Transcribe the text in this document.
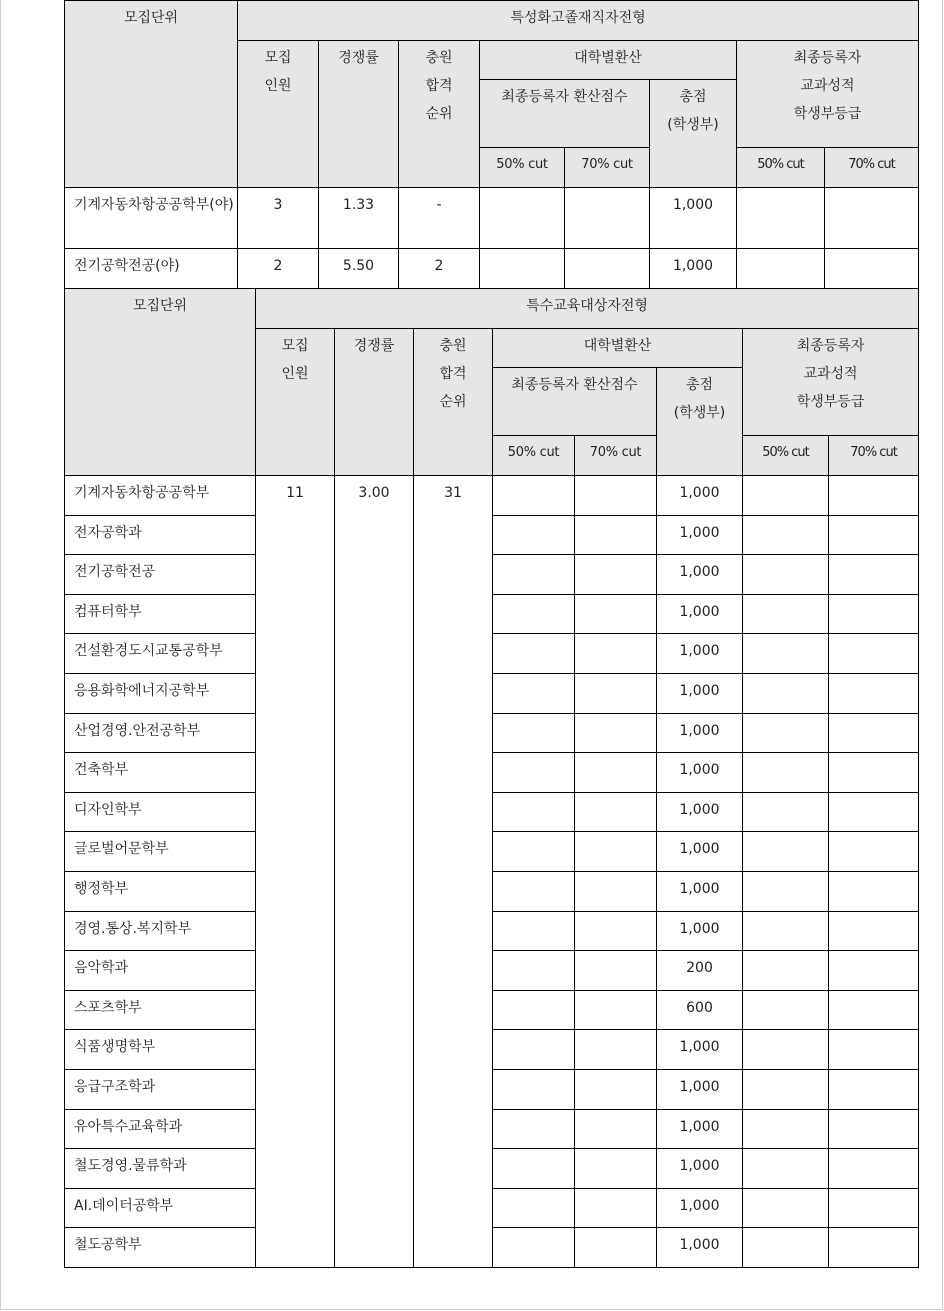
모집단위	특성화고졸재직자전형							

	모집
인원	경쟁률	충원
합격
순위	대학별환산			최종등록자
교과성적
학생부등급	

				최종등록자 환산점수		총점
(학생부)		

				50% cut	70% cut		50% cut	70% cut

기계자동차항공공학부(야)	3	1.33	-			1,000		
전기공학전공(야)	2	5.50	2			1,000		
모집단위	특수교육대상자전형							

	모집
인원	경쟁률	충원
합격
순위	대학별환산			최종등록자
교과성적
학생부등급	

				최종등록자 환산점수		총점
(학생부)		

				50% cut	70% cut		50% cut	70% cut

기계자동차항공공학부	11	3.00	31			1,000		
전자공학과						1,000		
전기공학전공						1,000		
컴퓨터학부						1,000		
건설환경도시교통공학부						1,000		
응용화학에너지공학부						1,000		
산업경영.안전공학부						1,000		
건축학부						1,000		
디자인학부						1,000		
글로벌어문학부						1,000		
행정학부						1,000		
경영.통상.복지학부						1,000		
음악학과						200		
스포츠학부						600		
식품생명학부						1,000		
응급구조학과						1,000		
유아특수교육학과						1,000		
철도경영.물류학과						1,000		
AI.데이터공학부						1,000		
철도공학부						1,000		
